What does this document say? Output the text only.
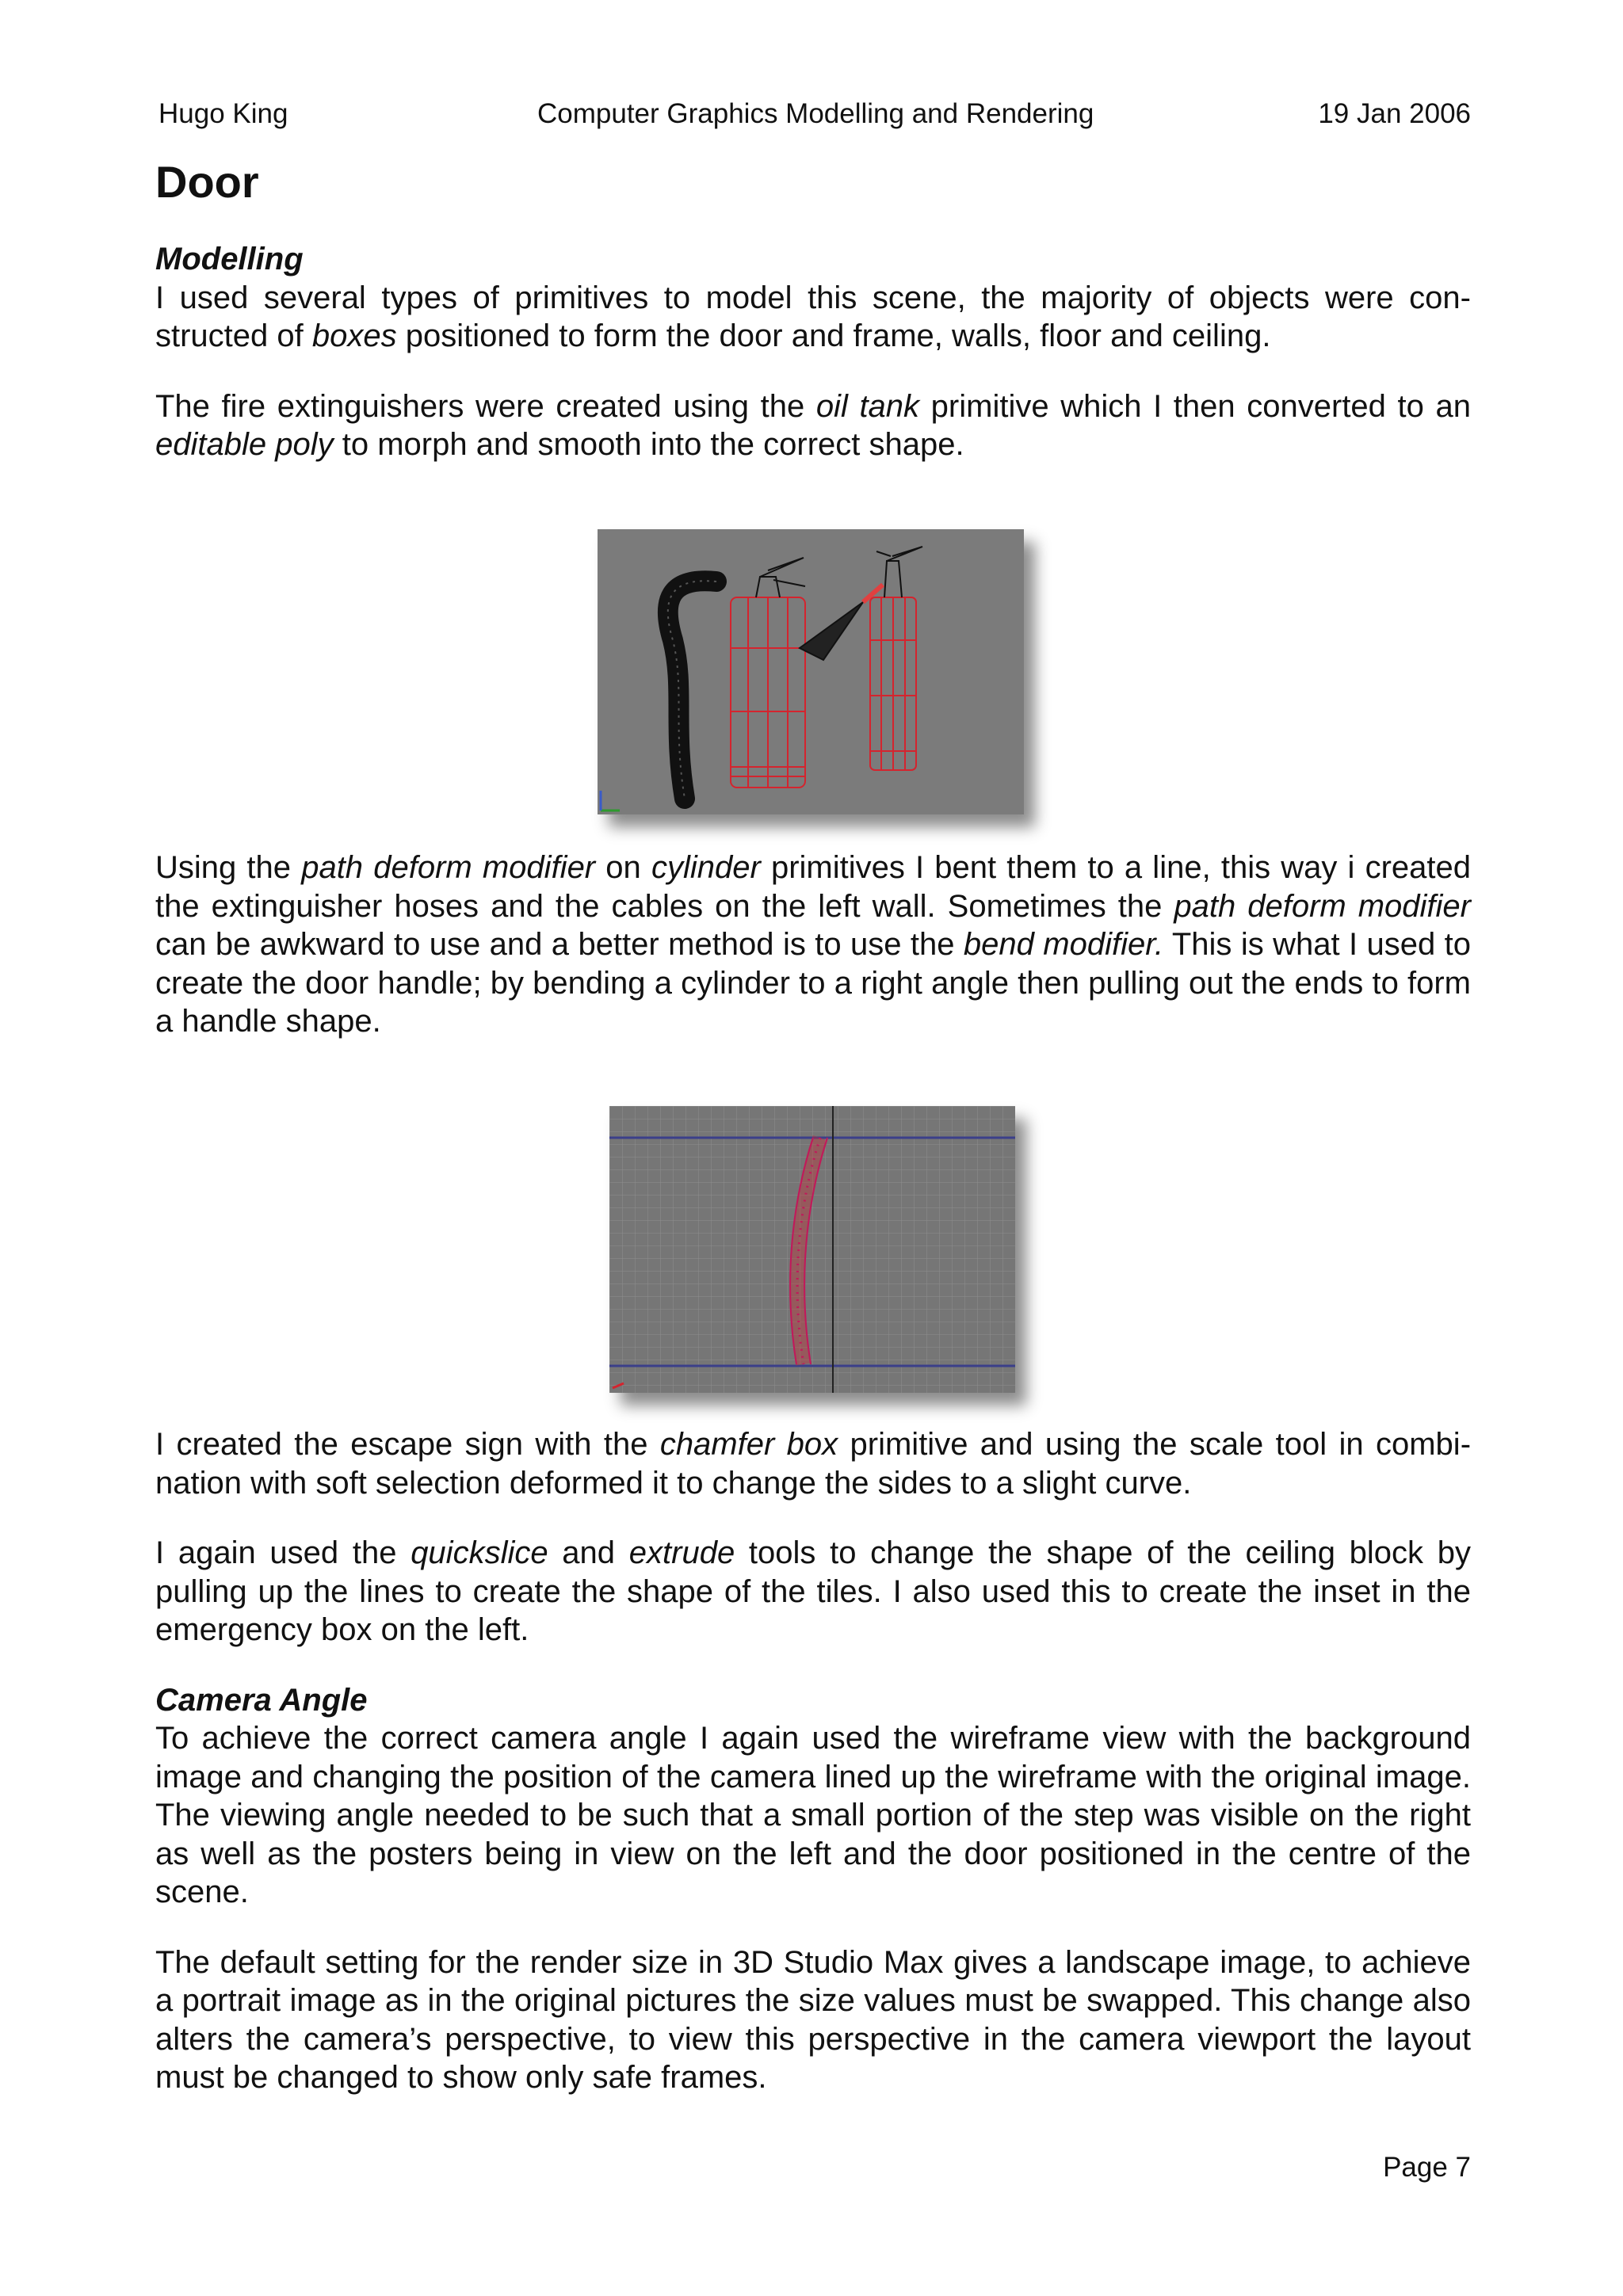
Hugo King	Computer Graphics Modelling and Rendering	19 Jan 2006
Door

Modelling

I used several types of primitives to model this scene, the majority of objects were constructed of boxes positioned to form the door and frame, walls, floor and ceiling.

The fire extinguishers were created using the oil tank primitive which I then converted to an editable poly to morph and smooth into the correct shape.

Using the path deform modifier on cylinder primitives I bent them to a line, this way i created the extinguisher hoses and the cables on the left wall. Sometimes the path deform modifier can be awkward to use and a better method is to use the bend modifier. This is what I used to create the door handle; by bending a cylinder to a right angle then pulling out the ends to form a handle shape.

I created the escape sign with the chamfer box primitive and using the scale tool in combination with soft selection deformed it to change the sides to a slight curve.

I again used the quickslice and extrude tools to change the shape of the ceiling block by pulling up the lines to create the shape of the tiles. I also used this to create the inset in the emergency box on the left.

Camera Angle

To achieve the correct camera angle I again used the wireframe view with the background image and changing the position of the camera lined up the wireframe with the original image. The viewing angle needed to be such that a small portion of the step was visible on the right as well as the posters being in view on the left and the door positioned in the centre of the scene.

The default setting for the render size in 3D Studio Max gives a landscape image, to achieve a portrait image as in the original pictures the size values must be swapped. This change also alters the camera’s perspective, to view this perspective in the camera viewport the layout must be changed to show only safe frames.

Page 7
